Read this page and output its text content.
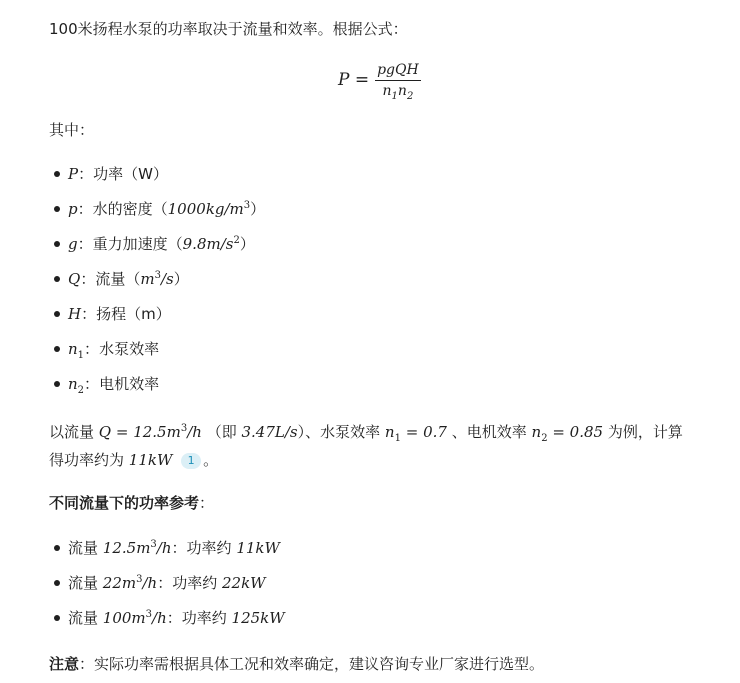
100米扬程水泵的功率取决于流量和效率。根据公式：
$P = \frac{\text{pgQH}}{n_1n_2}$
其中：
P：功率（W）
p：水的密度$(1000kg/m^3)$
g：重力加速度$(9.8m/s^2)$
Q：流量$(m^3/s)$
H：扬程（m）
$n_1$：水泵效率
$n_2$：电机效率
以流量 $Q = 12.5m^3/h$ （即 3.47L/s）、水泵效率 $n_1 = 0.7$ 、电机效率 $n_2 = 0.85$ 为例，计算
得功率约为 11kW 1 。
不同流量下的功率参考：
流量 $12.5m^3/h$：功率约 11kW
流量 $22m^3/h$：功率约 22kW
流量 $100m^3/h$：功率约 125kW
注意：实际功率需根据具体工况和效率确定，建议咨询专业厂家进行选型。
